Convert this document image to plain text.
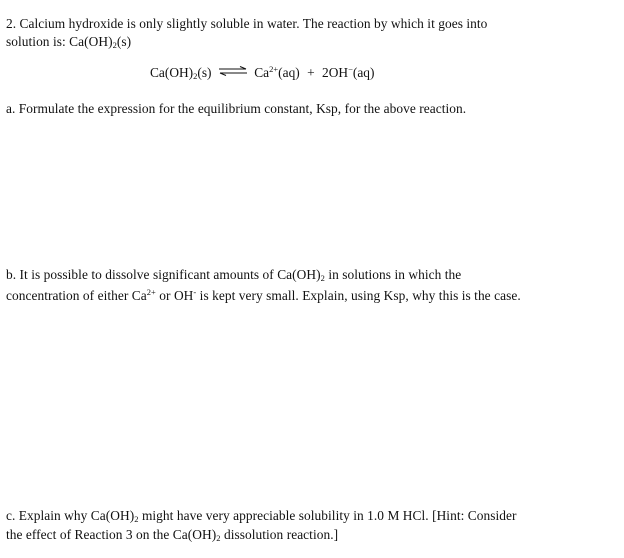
2. Calcium hydroxide is only slightly soluble in water. The reaction by which it goes into
solution is: $Ca(OH)_2(s)$
$Ca(OH)_2(s)$ ⇌ $Ca^{2+}(aq) + 2OH^-(aq)$
a. Formulate the expression for the equilibrium constant, Ksp, for the above reaction.
b. It is possible to dissolve significant amounts of $Ca(OH)_2$ in solutions in which the
concentration of either $Ca^{2+}$ or OH- is kept very small. Explain, using Ksp, why this is the case.
c. Explain why $Ca(OH)_2$ might have very appreciable solubility in 1.0 M HCl. [Hint: Consider
the effect of Reaction 3 on the $Ca(OH)_2$ dissolution reaction.]
